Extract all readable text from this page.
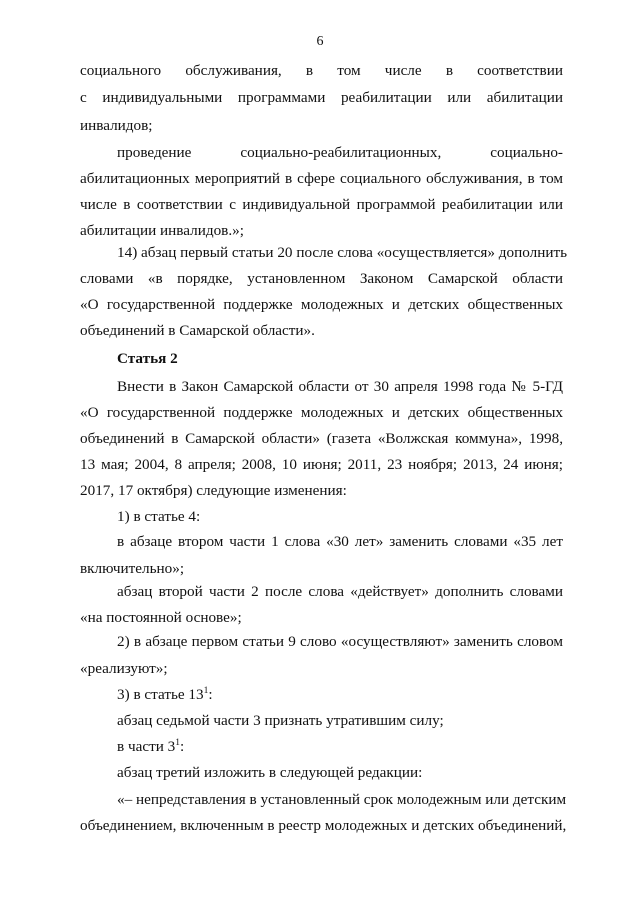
6
социального обслуживания, в том числе в соответствии
с индивидуальными программами реабилитации или абилитации
инвалидов;
проведение социально-реабилитационных, социально-
абилитационных мероприятий в сфере социального обслуживания, в том
числе в соответствии с индивидуальной программой реабилитации или
абилитации инвалидов.»;
14) абзац первый статьи 20 после слова «осуществляется» дополнить
словами «в порядке, установленном Законом Самарской области
«О государственной поддержке молодежных и детских общественных
объединений в Самарской области».
Статья 2
Внести в Закон Самарской области от 30 апреля 1998 года № 5-ГД
«О государственной поддержке молодежных и детских общественных
объединений в Самарской области» (газета «Волжская коммуна», 1998,
13 мая; 2004, 8 апреля; 2008, 10 июня; 2011, 23 ноября; 2013, 24 июня;
2017, 17 октября) следующие изменения:
1) в статье 4:
в абзаце втором части 1 слова «30 лет» заменить словами «35 лет
включительно»;
абзац второй части 2 после слова «действует» дополнить словами
«на постоянной основе»;
2) в абзаце первом статьи 9 слово «осуществляют» заменить словом
«реализуют»;
3) в статье $13^1$:
абзац седьмой части 3 признать утратившим силу;
в части $3^1$:
абзац третий изложить в следующей редакции:
«– непредставления в установленный срок молодежным или детским
объединением, включенным в реестр молодежных и детских объединений,
